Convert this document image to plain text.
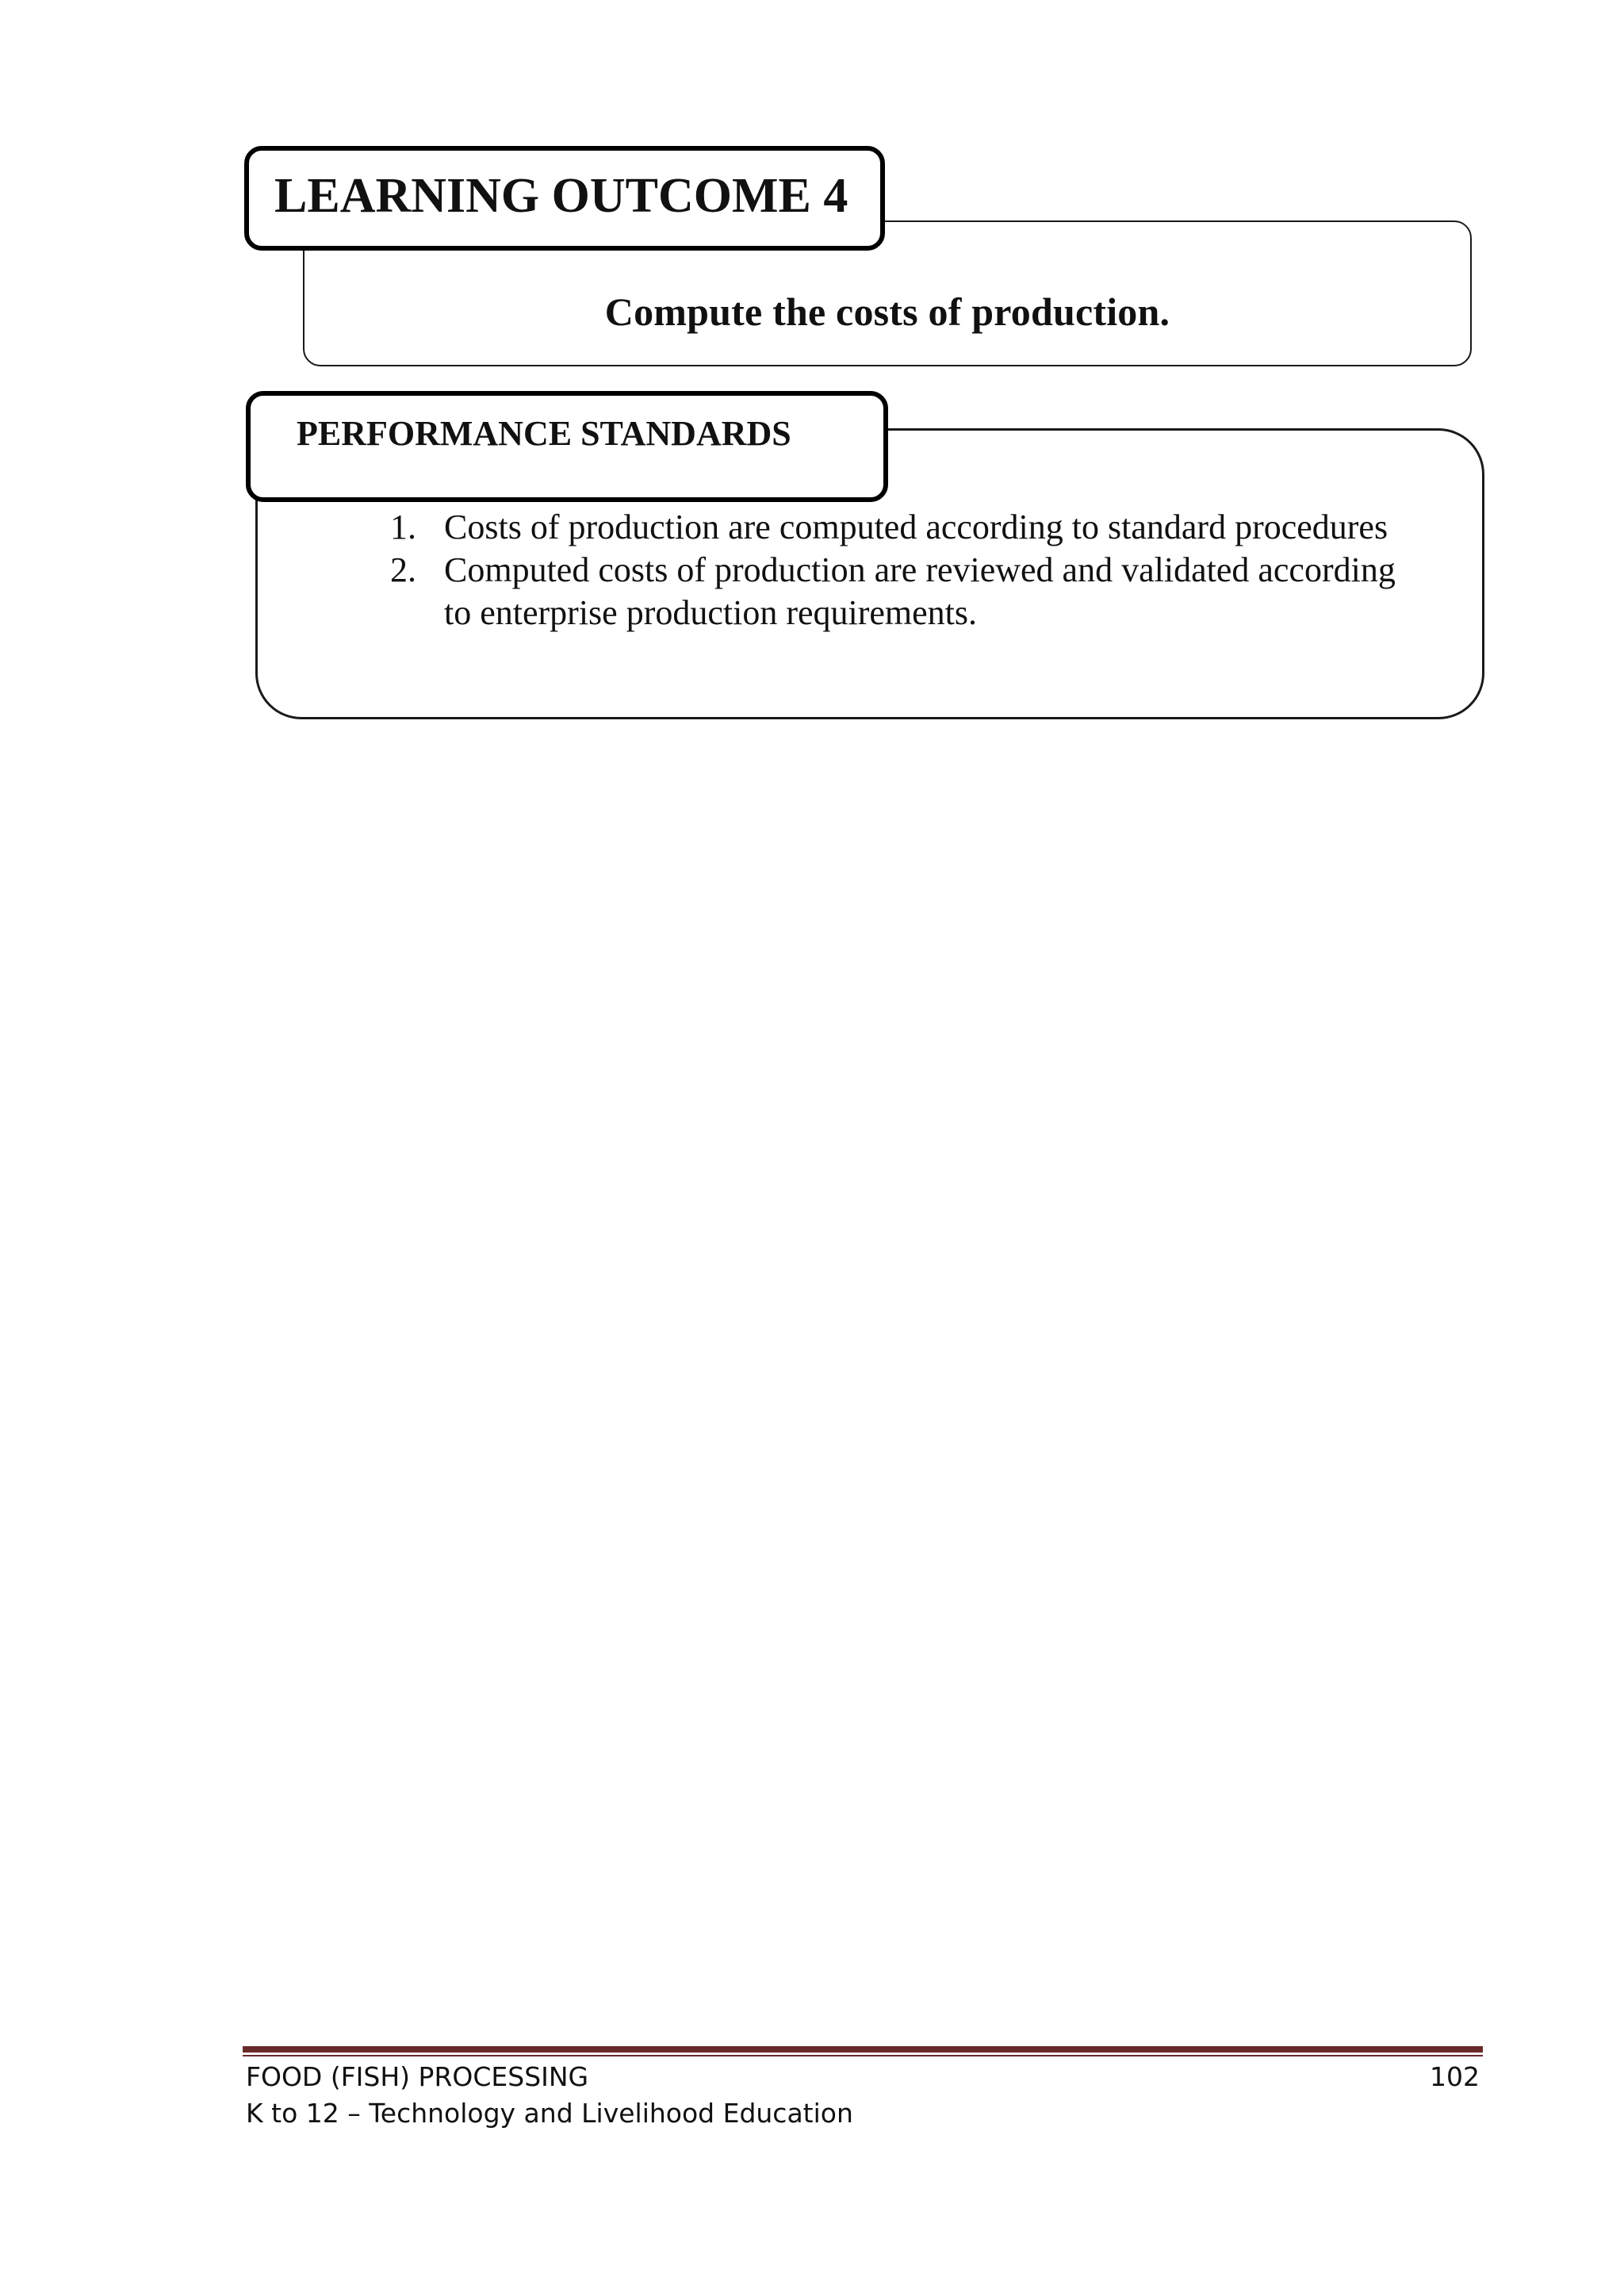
Compute the costs of production.
LEARNING OUTCOME 4
PERFORMANCE STANDARDS
1. Costs of production are computed according to standard procedures
2. Computed costs of production are reviewed and validated according to enterprise production requirements.
FOOD (FISH) PROCESSING
K to 12 – Technology and Livelihood Education
102
